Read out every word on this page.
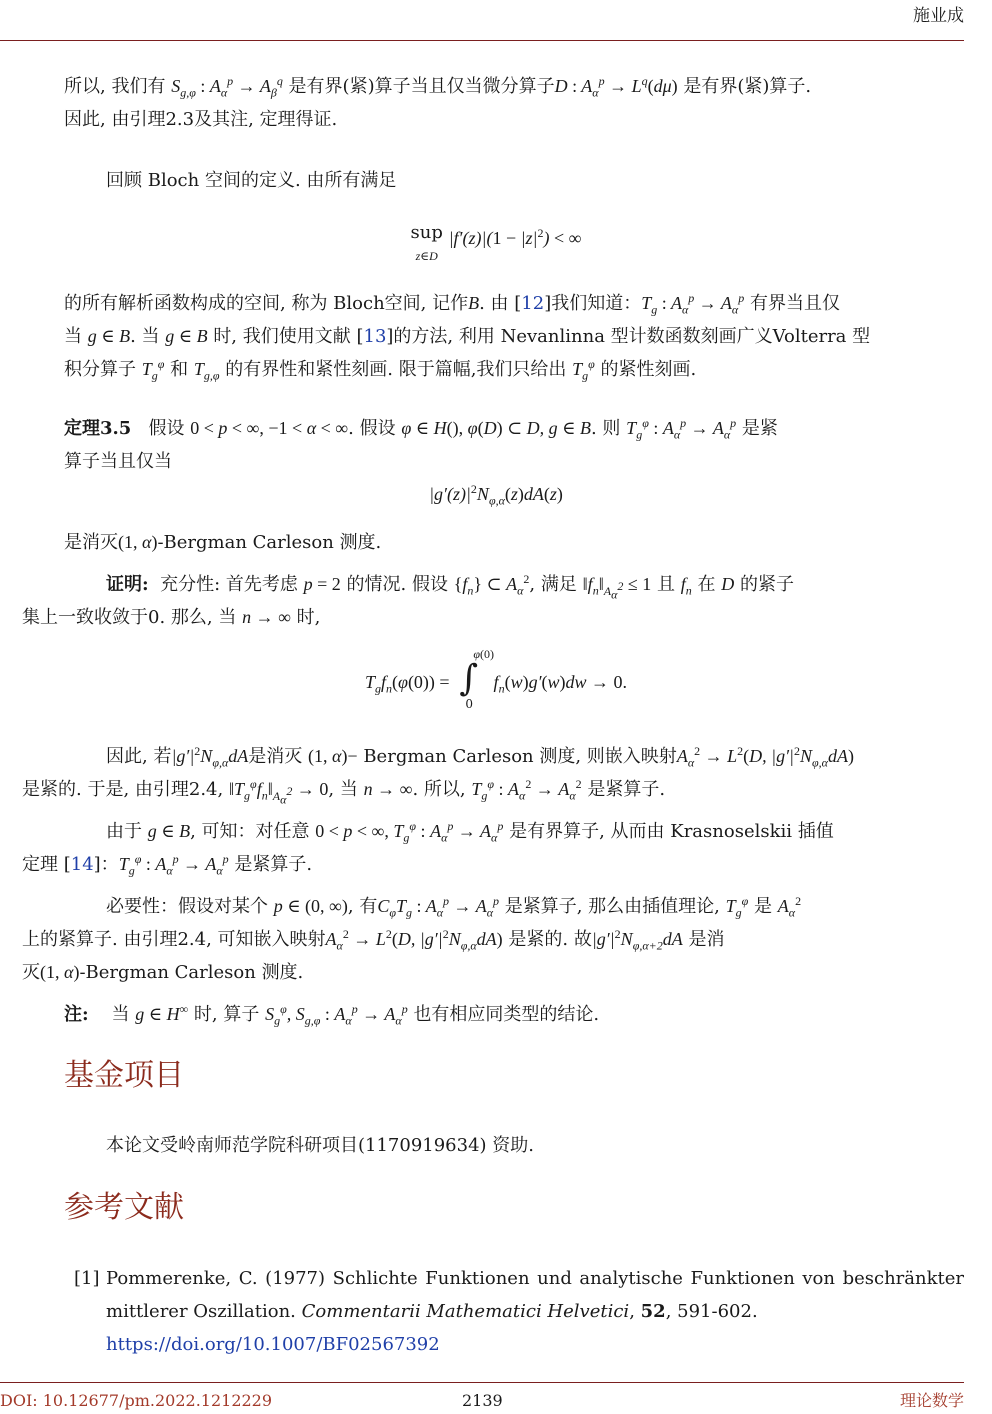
施业成
所以, 我们有 $S_{g,\varphi}$ : $A_\alpha^p \to A_\beta^q$ 是有界(紧)算子当且仅当微分算子D : $A_\alpha^p \to L^q(d\mu)$ 是有界(紧)算子.
因此, 由引理2.3及其注, 定理得证.
回顾 Bloch 空间的定义. 由所有满足
sup
z∈D $|f'(z)|(1 - |z|^2)$ < ∞
的所有解析函数构成的空间, 称为 Bloch空间, 记作B. 由 [12]我们知道：$T_g$ : $A_\alpha^p \to A_\alpha^p$ 有界当且仅
当 g ∈ B. 当 g ∈ B 时, 我们使用文献 [13]的方法, 利用 Nevanlinna 型计数函数刻画广义Volterra 型
积分算子 $T_g^\varphi$ 和 $T_{g,\varphi}$ 的有界性和紧性刻画. 限于篇幅,我们只给出 $T_g^\varphi$ 的紧性刻画.
定理3.5 假设 0 < p < ∞, −1 < α < ∞. 假设 φ ∈ H(), φ(D) ⊂ D, g ∈ B. 则 $T_g^\varphi$ : $A_\alpha^p \to A_\alpha^p$ 是紧
算子当且仅当
$|g'(z)|^2N_{\varphi,\alpha}(z)dA(z)$
是消灭(1, α)-Bergman Carleson 测度.
证明: 充分性: 首先考虑 p = 2 的情况. 假设 $\{f_n\}$ ⊂ $A_\alpha^2$, 满足 $‖f_n‖_{A_\alpha^2} \le 1$ 且 $f_n$ 在 D 的紧子
集上一致收敛于0. 那么, 当 n → ∞ 时,
$T_gf_n(\varphi(0))$ = ∫
φ(0)
0
$f_n(w)g'(w)dw \to 0$.
因此, 若$|g'|^2N_{\varphi,\alpha}dA$是消灭 (1, α)− Bergman Carleson 测度, 则嵌入映射$A_\alpha^2 \to L^2(D$, $|g'|^2N_{\varphi,\alpha}dA$)
是紧的. 于是, 由引理2.4, $‖T_g^\varphi f_n‖_{A_\alpha^2} \to 0$, 当 n → ∞. 所以, $T_g^\varphi$ : $A_\alpha^2 \to A_\alpha^2$ 是紧算子.
由于 g ∈ B, 可知：对任意 0 < p < ∞, $T_g^\varphi$ : $A_\alpha^p \to A_\alpha^p$ 是有界算子, 从而由 Krasnoselskii 插值
定理 [14]：$T_g^\varphi$ : $A_\alpha^p \to A_\alpha^p$ 是紧算子.
必要性：假设对某个 p ∈ (0, ∞), 有$C_\varphi T_g$ : $A_\alpha^p \to A_\alpha^p$ 是紧算子, 那么由插值理论, $T_g^\varphi$ 是 $A_\alpha^2$
上的紧算子. 由引理2.4, 可知嵌入映射$A_\alpha^2 \to L^2(D$, $|g'|^2N_{\varphi,\alpha}dA$) 是紧的. 故$|g'|^2N_{\varphi,\alpha+2}dA$ 是消
灭(1, α)-Bergman Carleson 测度.
注: 当 g ∈ H∞ 时, 算子 $S_g^\varphi$, $S_{g,\varphi}$ : $A_\alpha^p \to A_\alpha^p$ 也有相应同类型的结论.
基金项目
本论文受岭南师范学院科研项目(1170919634) 资助.
参考文献
[1] Pommerenke, C. (1977) Schlichte Funktionen und analytische Funktionen von beschränkter mittlerer Oszillation. Commentarii Mathematici Helvetici, 52, 591-602.
https://doi.org/10.1007/BF02567392
DOI: 10.12677/pm.2022.1212229	2139	理论数学
